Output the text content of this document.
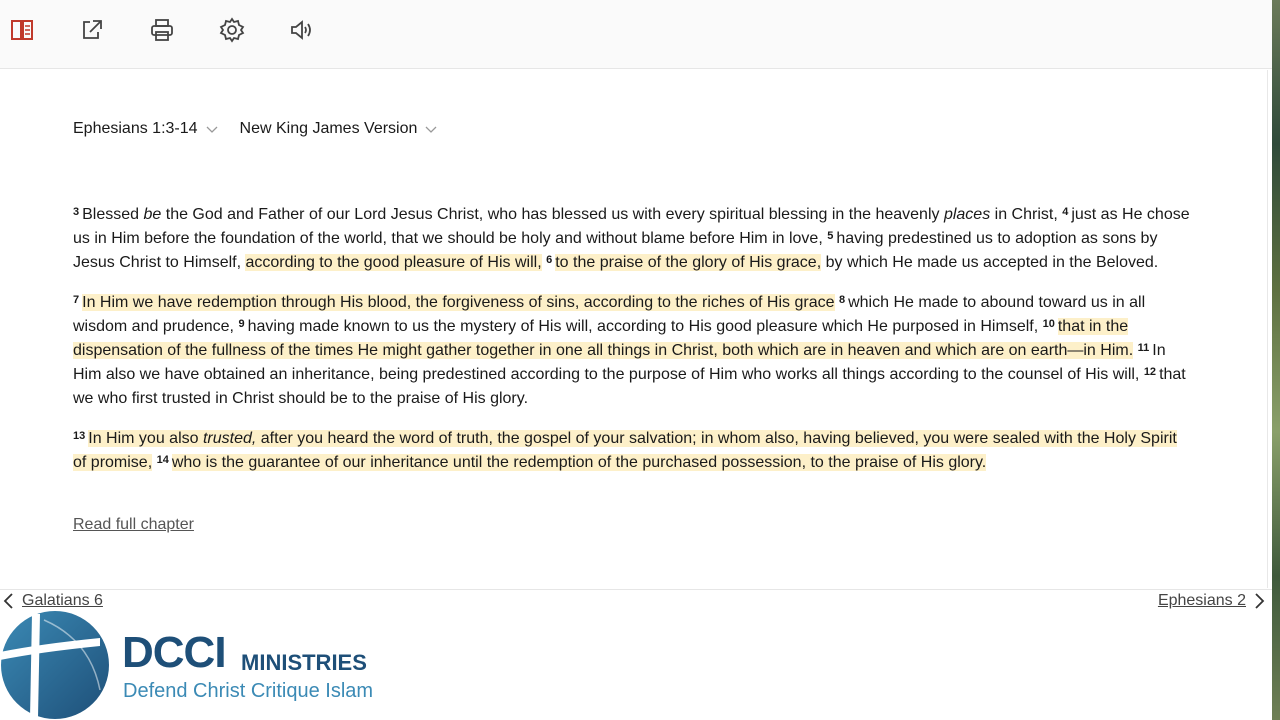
Ephesians 1:3-14	New King James Version

$^3$ Blessed be the God and Father of our Lord Jesus Christ, who has blessed us with every spiritual blessing in the heavenly places in Christ, $^4$ just as He chose us in Him before the foundation of the world, that we should be holy and without blame before Him in love, $^5$ having predestined us to adoption as sons by Jesus Christ to Himself, according to the good pleasure of His will, $^6$ to the praise of the glory of His grace, by which He made us accepted in the Beloved.

$^7$ In Him we have redemption through His blood, the forgiveness of sins, according to the riches of His grace $^8$ which He made to abound toward us in all wisdom and prudence, $^9$ having made known to us the mystery of His will, according to His good pleasure which He purposed in Himself, $^{10}$ that in the dispensation of the fullness of the times He might gather together in one all things in Christ, both which are in heaven and which are on earth—in Him. $^{11}$ In Him also we have obtained an inheritance, being predestined according to the purpose of Him who works all things according to the counsel of His will, $^{12}$ that we who first trusted in Christ should be to the praise of His glory.

$^{13}$ In Him you also trusted, after you heard the word of truth, the gospel of your salvation; in whom also, having believed, you were sealed with the Holy Spirit of promise, $^{14}$ who is the guarantee of our inheritance until the redemption of the purchased possession, to the praise of His glory.

Read full chapter
Galatians 6	Ephesians 2
DCCI MINISTRIES
Defend Christ Critique Islam
